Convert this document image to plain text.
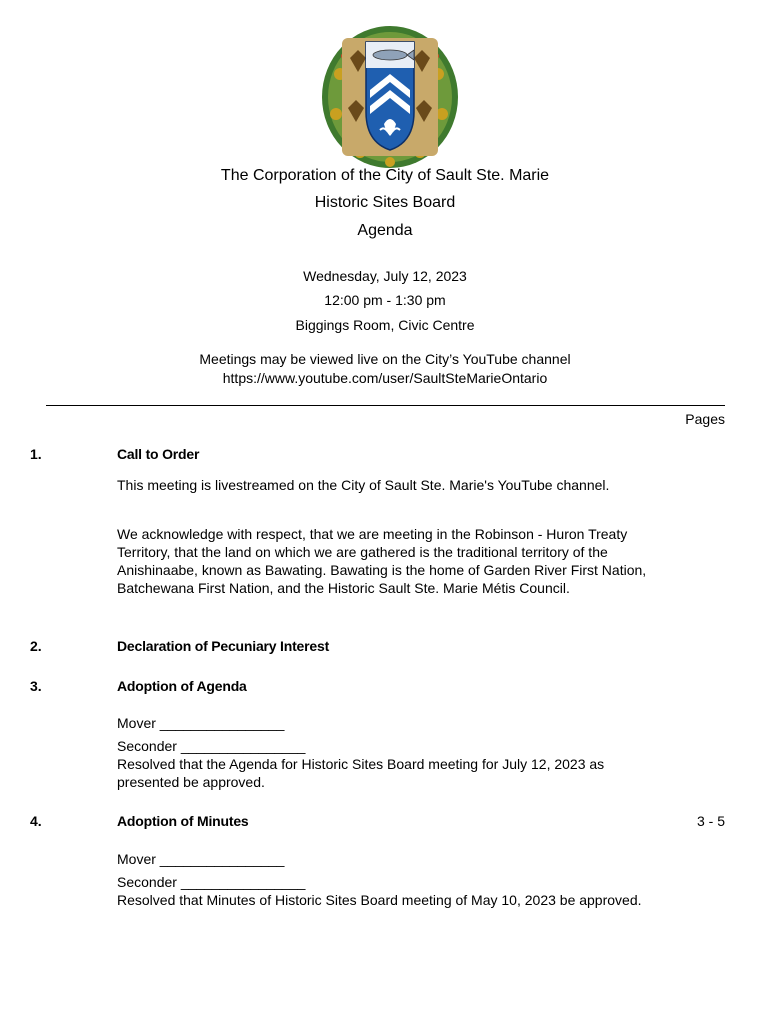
The Corporation of the City of Sault Ste. Marie
Historic Sites Board
Agenda
Wednesday, July 12, 2023
12:00 pm - 1:30 pm
Biggings Room, Civic Centre
Meetings may be viewed live on the City’s YouTube channel
https://www.youtube.com/user/SaultSteMarieOntario
Pages
1.	Call to Order
This meeting is livestreamed on the City of Sault Ste. Marie's YouTube channel.
We acknowledge with respect, that we are meeting in the Robinson - Huron Treaty Territory, that the land on which we are gathered is the traditional territory of the Anishinaabe, known as Bawating. Bawating is the home of Garden River First Nation, Batchewana First Nation, and the Historic Sault Ste. Marie Métis Council.
2.	Declaration of Pecuniary Interest
3.	Adoption of Agenda
Mover ________________
Seconder ________________
Resolved that the Agenda for Historic Sites Board meeting for July 12, 2023 as presented be approved.
4.	Adoption of Minutes	3 - 5
Mover ________________
Seconder ________________
Resolved that Minutes of Historic Sites Board meeting of May 10, 2023 be approved.
